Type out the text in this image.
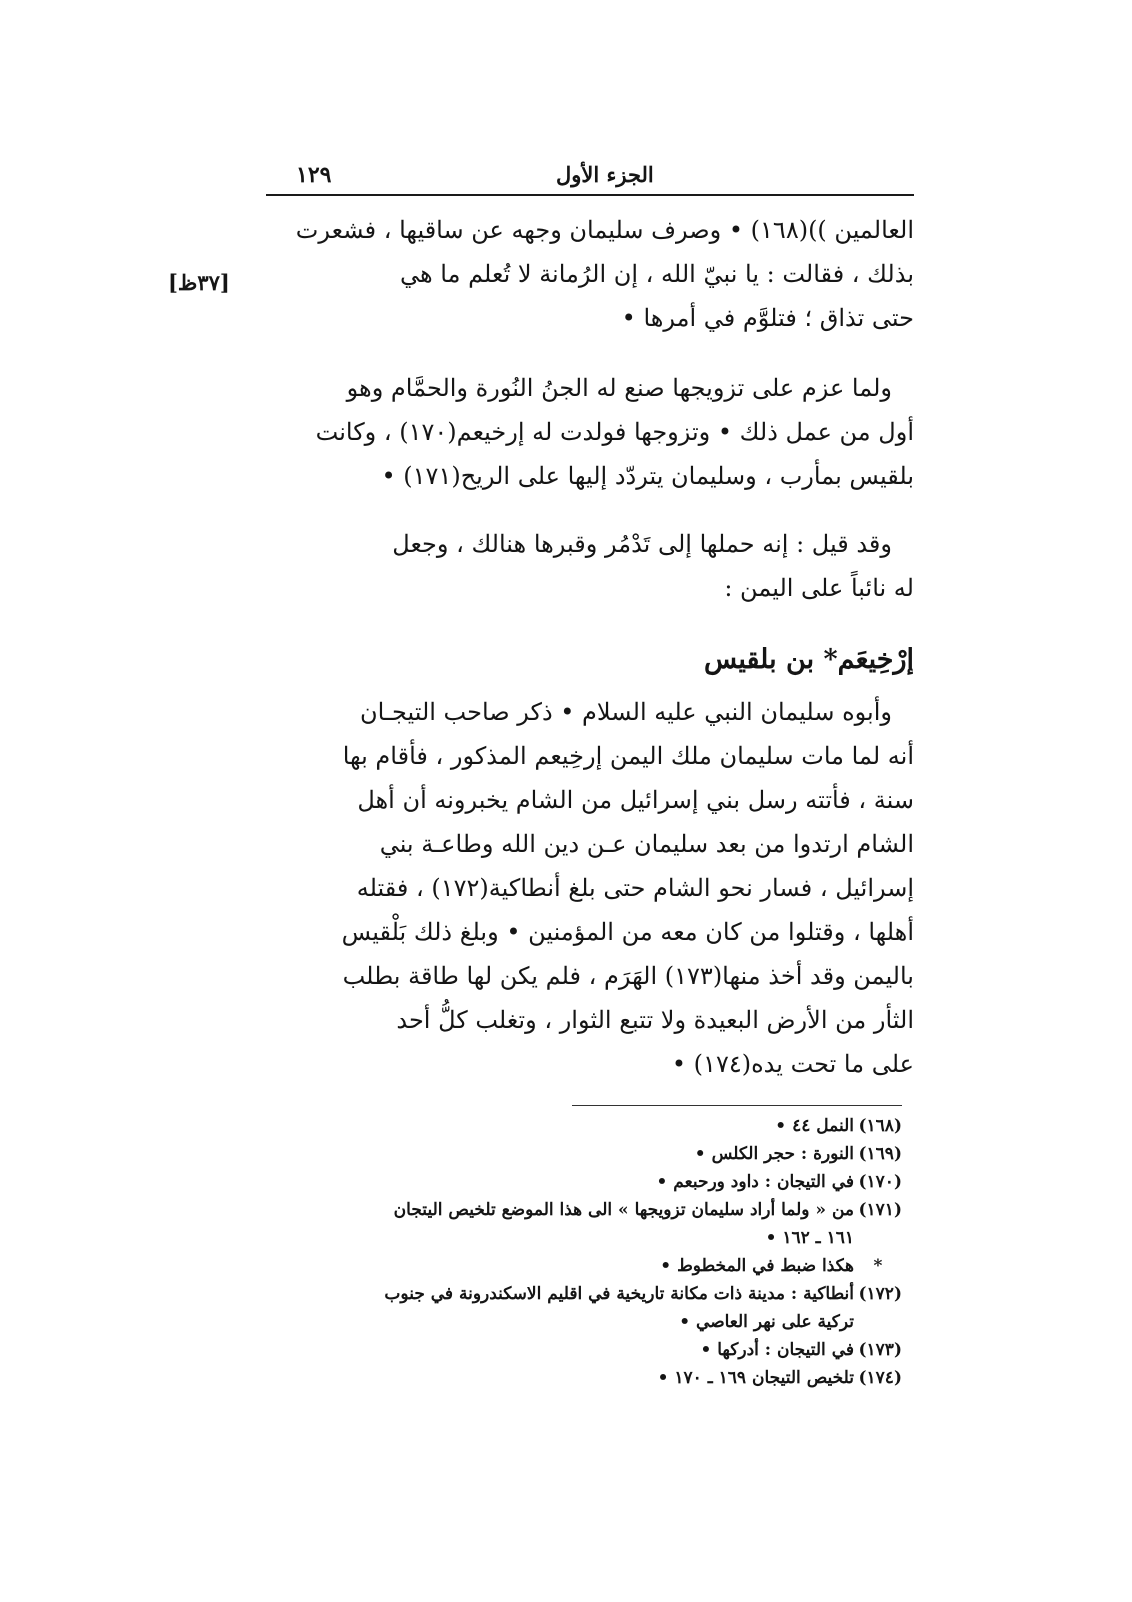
١٢٩	الجزء الأول
[٣٧ظ]
العالمين ))(١٦٨) • وصرف سليمان وجهه عن ساقيها ، فشعرت
بذلك ، فقالت : يا نبيّ الله ، إن الرُمانة لا تُعلم ما هي
حتى تذاق ؛ فتلوَّم في أمرها •
ولما عزم على تزويجها صنع له الجنُ النُورة والحمَّام وهو
أول من عمل ذلك • وتزوجها فولدت له إرخيعم(١٧٠) ، وكانت
بلقيس بمأرب ، وسليمان يتردّد إليها على الريح(١٧١) •
وقد قيل : إنه حملها إلى تَدْمُر وقبرها هنالك ، وجعل
له نائباً على اليمن :
إرْخِيعَم* بن بلقيس
وأبوه سليمان النبي عليه السلام • ذكر صاحب التيجـان
أنه لما مات سليمان ملك اليمن إرخِيعم المذكور ، فأقام بها
سنة ، فأتته رسل بني إسرائيل من الشام يخبرونه أن أهل
الشام ارتدوا من بعد سليمان عـن دين الله وطاعـة بني
إسرائيل ، فسار نحو الشام حتى بلغ أنطاكية(١٧٢) ، فقتله
أهلها ، وقتلوا من كان معه من المؤمنين • وبلغ ذلك بَلْقيس
باليمن وقد أخذ منها(١٧٣) الهَرَم ، فلم يكن لها طاقة بطلب
الثأر من الأرض البعيدة ولا تتبع الثوار ، وتغلب كلُّ أحد
على ما تحت يده(١٧٤) •
(١٦٨)النمل ٤٤ •
(١٦٩)النورة : حجر الكلس •
(١٧٠)في التيجان : داود ورحبعم •
(١٧١)من « ولما أراد سليمان تزويجها » الى هذا الموضع تلخيص اليتجان
١٦١ ـ ١٦٢ •
*هكذا ضبط في المخطوط •
(١٧٢)أنطاكية : مدينة ذات مكانة تاريخية في اقليم الاسكندرونة في جنوب
تركية على نهر العاصي •
(١٧٣)في التيجان : أدركها •
(١٧٤)تلخيص التيجان ١٦٩ ـ ١٧٠ •
